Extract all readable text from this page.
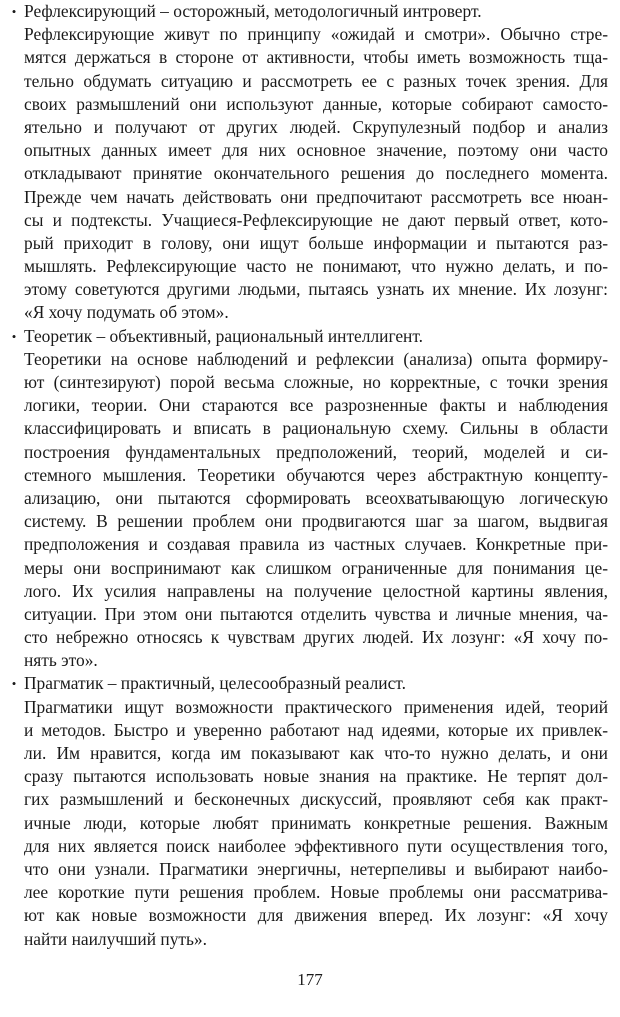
• Рефлексирующий – осторожный, методологичный интроверт.
Рефлексирующие живут по принципу «ожидай и смотри». Обычно стре-
мятся держаться в стороне от активности, чтобы иметь возможность тща-
тельно обдумать ситуацию и рассмотреть ее с разных точек зрения. Для
своих размышлений они используют данные, которые собирают самосто-
ятельно и получают от других людей. Скрупулезный подбор и анализ
опытных данных имеет для них основное значение, поэтому они часто
откладывают принятие окончательного решения до последнего момента.
Прежде чем начать действовать они предпочитают рассмотреть все нюан-
сы и подтексты. Учащиеся-Рефлексирующие не дают первый ответ, кото-
рый приходит в голову, они ищут больше информации и пытаются раз-
мышлять. Рефлексирующие часто не понимают, что нужно делать, и по-
этому советуются другими людьми, пытаясь узнать их мнение. Их лозунг:
«Я хочу подумать об этом».
• Теоретик – объективный, рациональный интеллигент.
Теоретики на основе наблюдений и рефлексии (анализа) опыта формиру-
ют (синтезируют) порой весьма сложные, но корректные, с точки зрения
логики, теории. Они стараются все разрозненные факты и наблюдения
классифицировать и вписать в рациональную схему. Сильны в области
построения фундаментальных предположений, теорий, моделей и си-
стемного мышления. Теоретики обучаются через абстрактную концепту-
ализацию, они пытаются сформировать всеохватывающую логическую
систему. В решении проблем они продвигаются шаг за шагом, выдвигая
предположения и создавая правила из частных случаев. Конкретные при-
меры они воспринимают как слишком ограниченные для понимания це-
лого. Их усилия направлены на получение целостной картины явления,
ситуации. При этом они пытаются отделить чувства и личные мнения, ча-
сто небрежно относясь к чувствам других людей. Их лозунг: «Я хочу по-
нять это».
• Прагматик – практичный, целесообразный реалист.
Прагматики ищут возможности практического применения идей, теорий
и методов. Быстро и уверенно работают над идеями, которые их привлек-
ли. Им нравится, когда им показывают как что-то нужно делать, и они
сразу пытаются использовать новые знания на практике. Не терпят дол-
гих размышлений и бесконечных дискуссий, проявляют себя как практ-
ичные люди, которые любят принимать конкретные решения. Важным
для них является поиск наиболее эффективного пути осуществления того,
что они узнали. Прагматики энергичны, нетерпеливы и выбирают наибо-
лее короткие пути решения проблем. Новые проблемы они рассматрива-
ют как новые возможности для движения вперед. Их лозунг: «Я хочу
найти наилучший путь».
177
